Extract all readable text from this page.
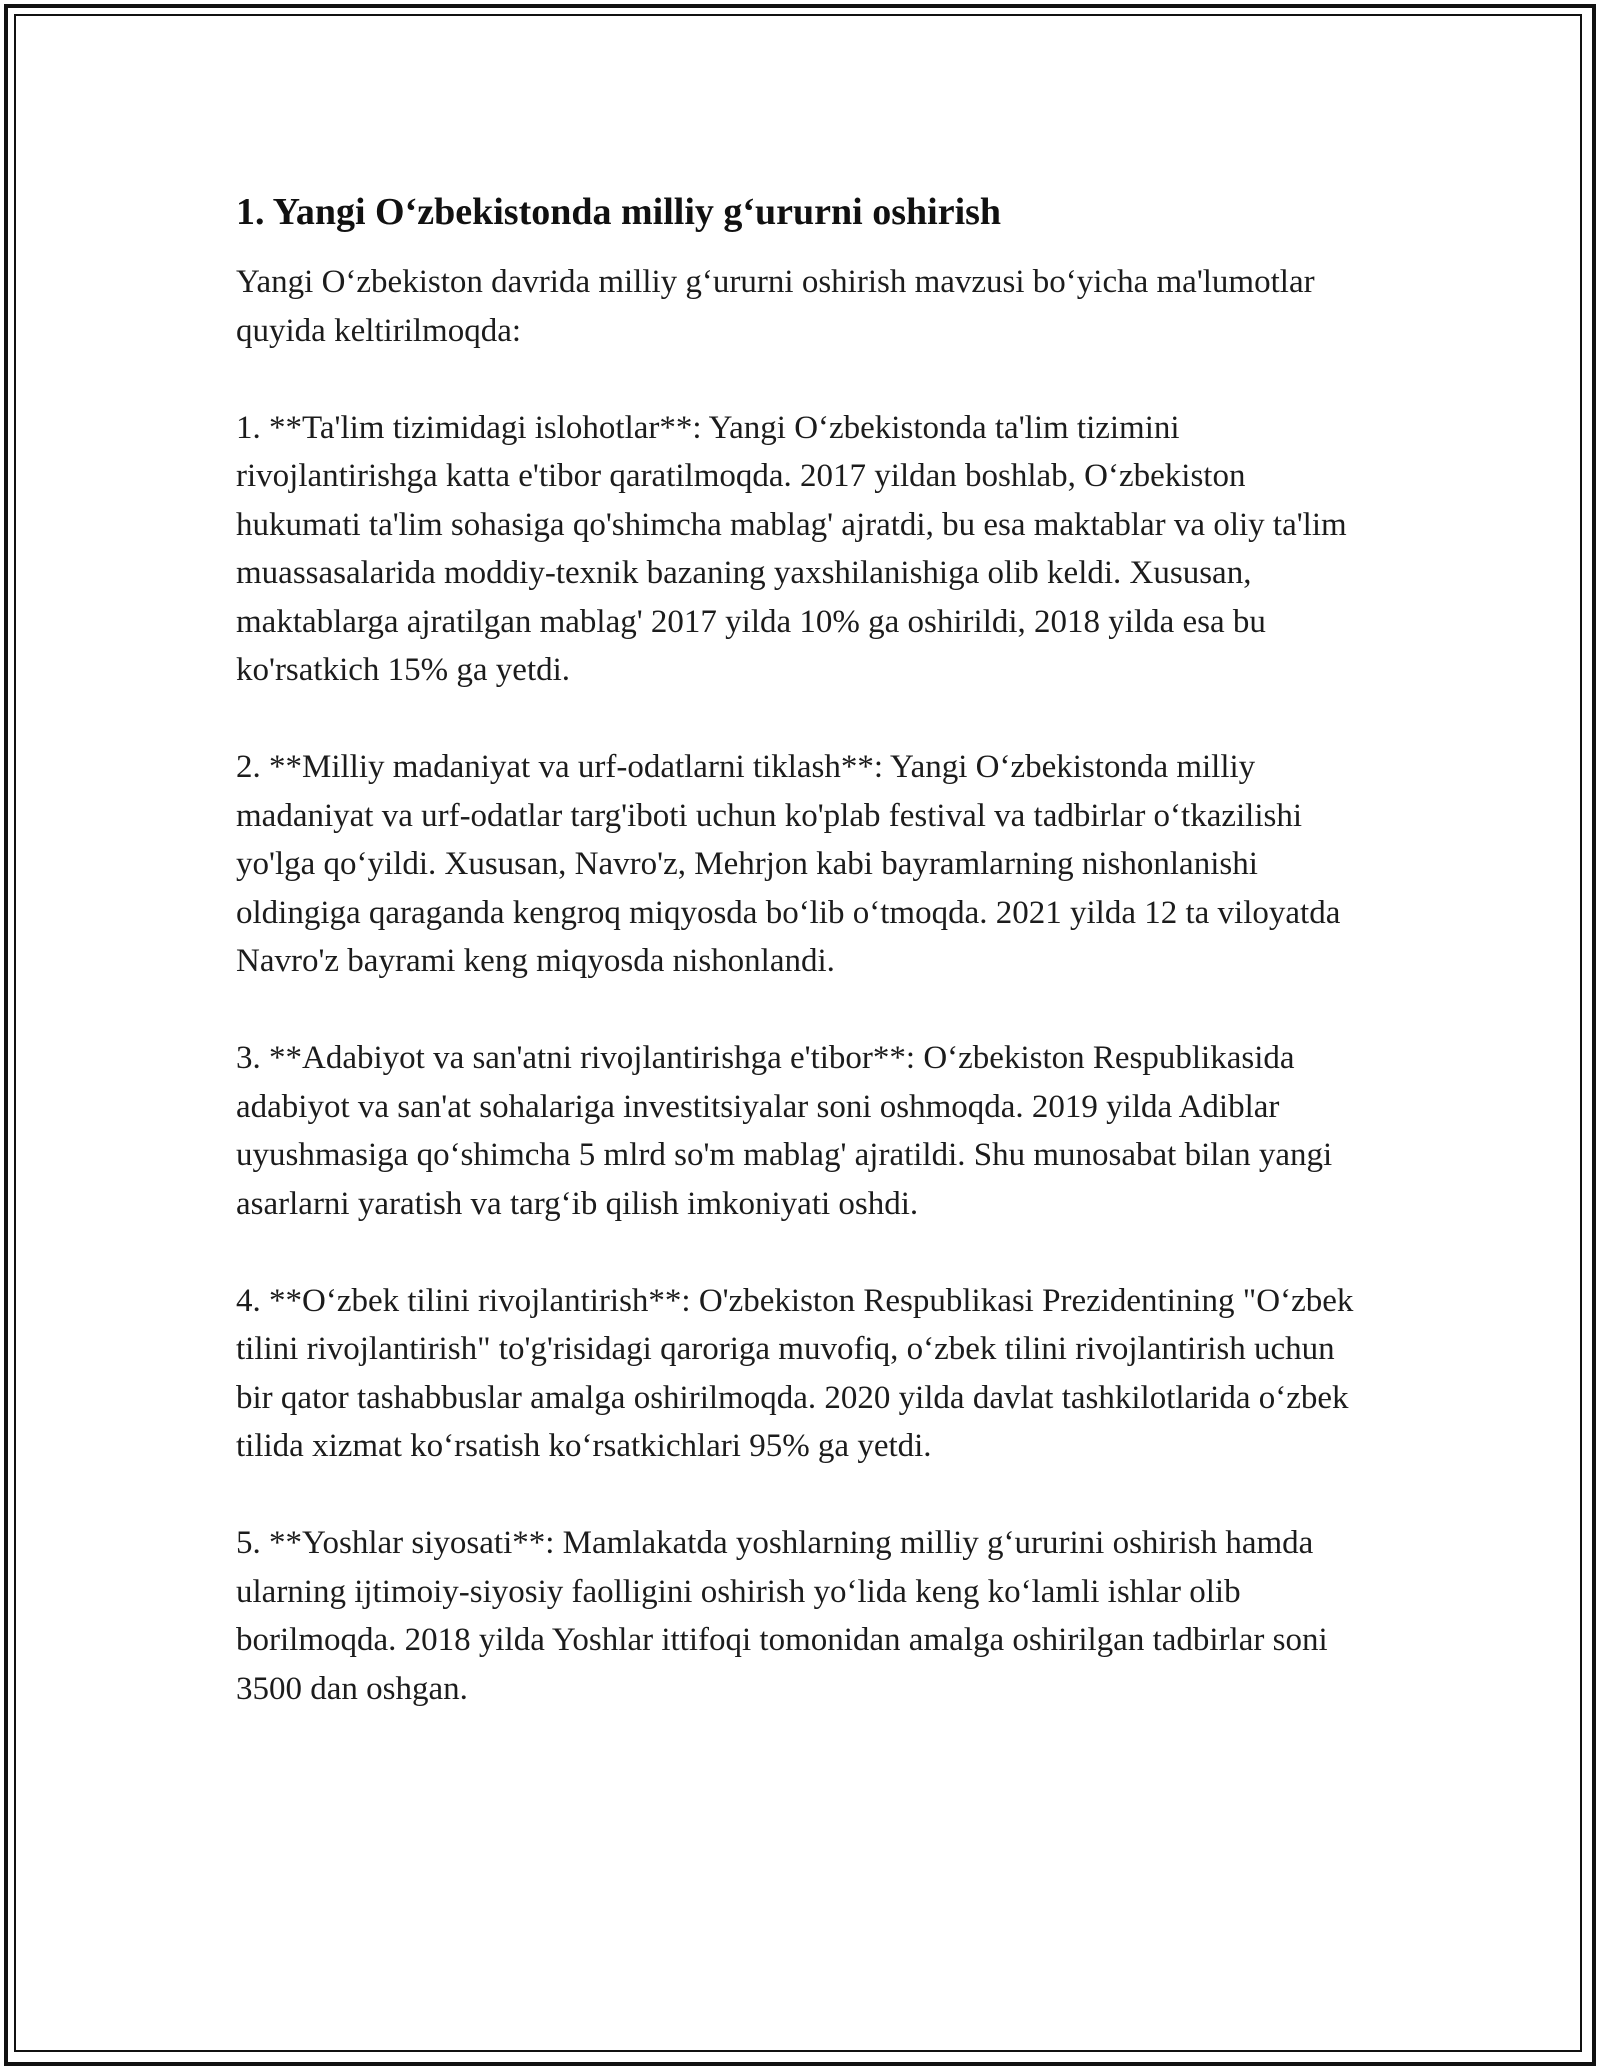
1. Yangi O‘zbekistonda milliy g‘ururni oshirish

Yangi O‘zbekiston davrida milliy g‘ururni oshirish mavzusi bo‘yicha ma'lumotlar quyida keltirilmoqda:

1. **Ta'lim tizimidagi islohotlar**: Yangi O‘zbekistonda ta'lim tizimini rivojlantirishga katta e'tibor qaratilmoqda. 2017 yildan boshlab, O‘zbekiston hukumati ta'lim sohasiga qo'shimcha mablag' ajratdi, bu esa maktablar va oliy ta'lim muassasalarida moddiy-texnik bazaning yaxshilanishiga olib keldi. Xususan, maktablarga ajratilgan mablag' 2017 yilda 10% ga oshirildi, 2018 yilda esa bu ko'rsatkich 15% ga yetdi.

2. **Milliy madaniyat va urf-odatlarni tiklash**: Yangi O‘zbekistonda milliy madaniyat va urf-odatlar targ'iboti uchun ko'plab festival va tadbirlar o‘tkazilishi yo'lga qo‘yildi. Xususan, Navro'z, Mehrjon kabi bayramlarning nishonlanishi oldingiga qaraganda kengroq miqyosda bo‘lib o‘tmoqda. 2021 yilda 12 ta viloyatda Navro'z bayrami keng miqyosda nishonlandi.

3. **Adabiyot va san'atni rivojlantirishga e'tibor**: O‘zbekiston Respublikasida adabiyot va san'at sohalariga investitsiyalar soni oshmoqda. 2019 yilda Adiblar uyushmasiga qo‘shimcha 5 mlrd so'm mablag' ajratildi. Shu munosabat bilan yangi asarlarni yaratish va targ‘ib qilish imkoniyati oshdi.

4. **O‘zbek tilini rivojlantirish**: O'zbekiston Respublikasi Prezidentining "O‘zbek tilini rivojlantirish" to'g'risidagi qaroriga muvofiq, o‘zbek tilini rivojlantirish uchun bir qator tashabbuslar amalga oshirilmoqda. 2020 yilda davlat tashkilotlarida o‘zbek tilida xizmat ko‘rsatish ko‘rsatkichlari 95% ga yetdi.

5. **Yoshlar siyosati**: Mamlakatda yoshlarning milliy g‘ururini oshirish hamda ularning ijtimoiy-siyosiy faolligini oshirish yo‘lida keng ko‘lamli ishlar olib borilmoqda. 2018 yilda Yoshlar ittifoqi tomonidan amalga oshirilgan tadbirlar soni 3500 dan oshgan.
